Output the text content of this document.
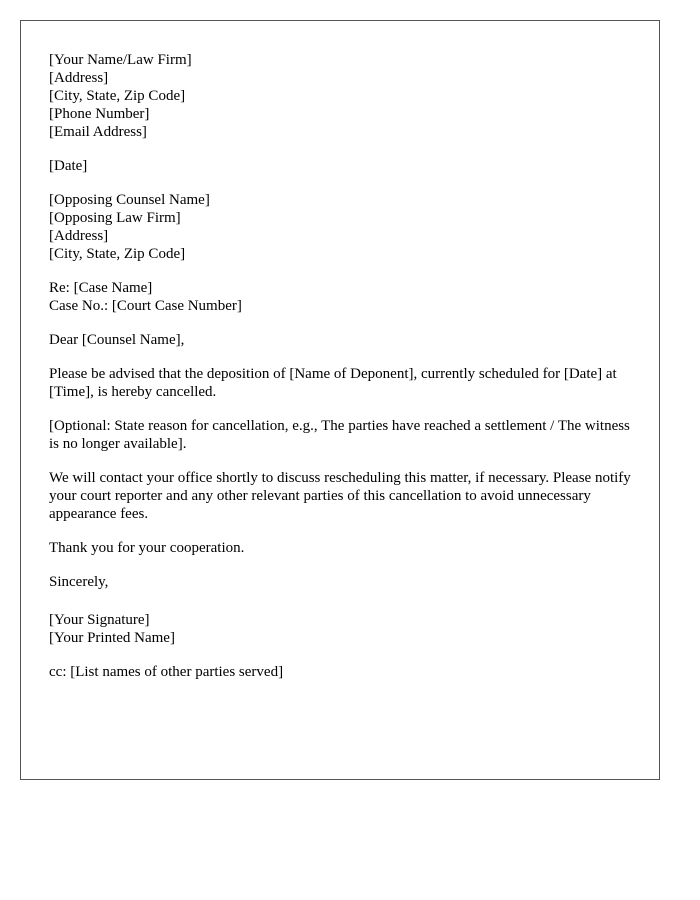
[Your Name/Law Firm]
[Address]
[City, State, Zip Code]
[Phone Number]
[Email Address]
[Date]
[Opposing Counsel Name]
[Opposing Law Firm]
[Address]
[City, State, Zip Code]
Re: [Case Name]
Case No.: [Court Case Number]

Dear [Counsel Name],

Please be advised that the deposition of [Name of Deponent], currently scheduled for [Date] at [Time], is hereby cancelled.

[Optional: State reason for cancellation, e.g., The parties have reached a settlement / The witness is no longer available].

We will contact your office shortly to discuss rescheduling this matter, if necessary. Please notify your court reporter and any other relevant parties of this cancellation to avoid unnecessary appearance fees.

Thank you for your cooperation.

Sincerely,

[Your Signature]
[Your Printed Name]

cc: [List names of other parties served]
